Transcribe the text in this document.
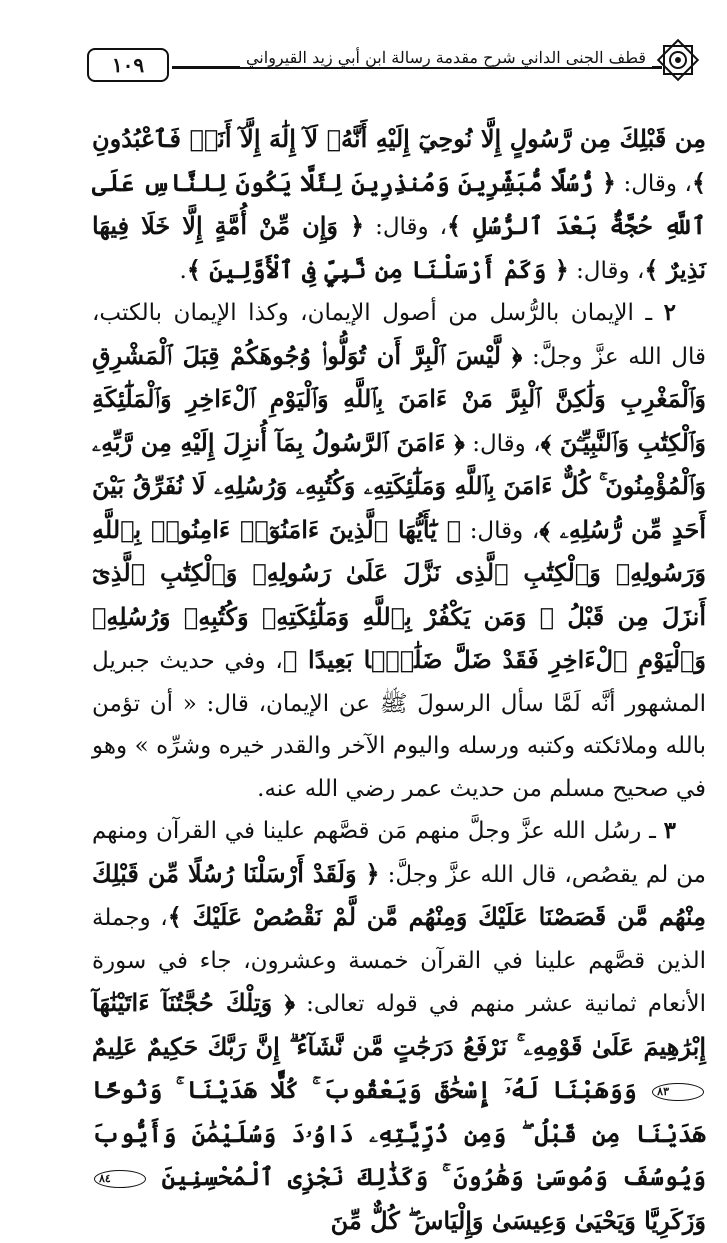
١٠٩	قطف الجنى الداني شرح مقدمة رسالة ابن أبي زيد القيرواني

مِن قَبْلِكَ مِن رَّسُولٍ إِلَّا نُوحِيٓ إِلَيْهِ أَنَّهُۥ لَآ إِلَٰهَ إِلَّآ أَنَا۠ فَٱعْبُدُونِ ﴾، وقال: ﴿ رُّسُلًا مُّبَشِّرِينَ وَمُنذِرِينَ لِئَلَّا يَكُونَ لِلنَّاسِ عَلَى ٱللَّهِ حُجَّةٌۢ بَعْدَ ٱلرُّسُلِ ﴾، وقال: ﴿ وَإِن مِّنْ أُمَّةٍ إِلَّا خَلَا فِيهَا نَذِيرٌ ﴾، وقال: ﴿ وَكَمْ أَرْسَلْنَا مِن نَّبِيٍّ فِى ٱلْأَوَّلِينَ ﴾.

٢ ـ الإيمان بالرُّسل من أصول الإيمان، وكذا الإيمان بالكتب، قال الله عزَّ وجلَّ: ﴿ لَّيْسَ ٱلْبِرَّ أَن تُوَلُّوا۟ وُجُوهَكُمْ قِبَلَ ٱلْمَشْرِقِ وَٱلْمَغْرِبِ وَلَٰكِنَّ ٱلْبِرَّ مَنْ ءَامَنَ بِٱللَّهِ وَٱلْيَوْمِ ٱلْءَاخِرِ وَٱلْمَلَٰٓئِكَةِ وَٱلْكِتَٰبِ وَٱلنَّبِيِّـۧنَ ﴾، وقال: ﴿ ءَامَنَ ٱلرَّسُولُ بِمَآ أُنزِلَ إِلَيْهِ مِن رَّبِّهِۦ وَٱلْمُؤْمِنُونَ ۚ كُلٌّ ءَامَنَ بِٱللَّهِ وَمَلَٰٓئِكَتِهِۦ وَكُتُبِهِۦ وَرُسُلِهِۦ لَا نُفَرِّقُ بَيْنَ أَحَدٍ مِّن رُّسُلِهِۦ ﴾، وقال: ﴿ يَٰٓأَيُّهَا ٱلَّذِينَ ءَامَنُوٓا۟ ءَامِنُوا۟ بِٱللَّهِ وَرَسُولِهِۦ وَٱلْكِتَٰبِ ٱلَّذِى نَزَّلَ عَلَىٰ رَسُولِهِۦ وَٱلْكِتَٰبِ ٱلَّذِىٓ أَنزَلَ مِن قَبْلُ ۚ وَمَن يَكْفُرْ بِٱللَّهِ وَمَلَٰٓئِكَتِهِۦ وَكُتُبِهِۦ وَرُسُلِهِۦ وَٱلْيَوْمِ ٱلْءَاخِرِ فَقَدْ ضَلَّ ضَلَٰلًۢا بَعِيدًا ﴾، وفي حديث جبريل المشهور أنَّه لَمَّا سأل الرسولَ ﷺ عن الإيمان، قال: « أن تؤمن بالله وملائكته وكتبه ورسله واليوم الآخر والقدر خيره وشرِّه » وهو في صحيح مسلم من حديث عمر رضي الله عنه.

٣ ـ رسُل الله عزَّ وجلَّ منهم مَن قصَّهم علينا في القرآن ومنهم من لم يقصُص، قال الله عزَّ وجلَّ: ﴿ وَلَقَدْ أَرْسَلْنَا رُسُلًا مِّن قَبْلِكَ مِنْهُم مَّن قَصَصْنَا عَلَيْكَ وَمِنْهُم مَّن لَّمْ نَقْصُصْ عَلَيْكَ ﴾، وجملة الذين قصَّهم علينا في القرآن خمسة وعشرون، جاء في سورة الأنعام ثمانية عشر منهم في قوله تعالى: ﴿ وَتِلْكَ حُجَّتُنَآ ءَاتَيْنَٰهَآ إِبْرَٰهِيمَ عَلَىٰ قَوْمِهِۦ ۚ نَرْفَعُ دَرَجَٰتٍ مَّن نَّشَآءُ ۗ إِنَّ رَبَّكَ حَكِيمٌ عَلِيمٌ ٨٣ وَوَهَبْنَا لَهُۥٓ إِسْحَٰقَ وَيَعْقُوبَ ۚ كُلًّا هَدَيْنَا ۚ وَنُوحًا هَدَيْنَا مِن قَبْلُ ۖ وَمِن ذُرِّيَّتِهِۦ دَاوُۥدَ وَسُلَيْمَٰنَ وَأَيُّوبَ وَيُوسُفَ وَمُوسَىٰ وَهَٰرُونَ ۚ وَكَذَٰلِكَ نَجْزِى ٱلْمُحْسِنِينَ ٨٤ وَزَكَرِيَّا وَيَحْيَىٰ وَعِيسَىٰ وَإِلْيَاسَ ۖ كُلٌّ مِّنَ
